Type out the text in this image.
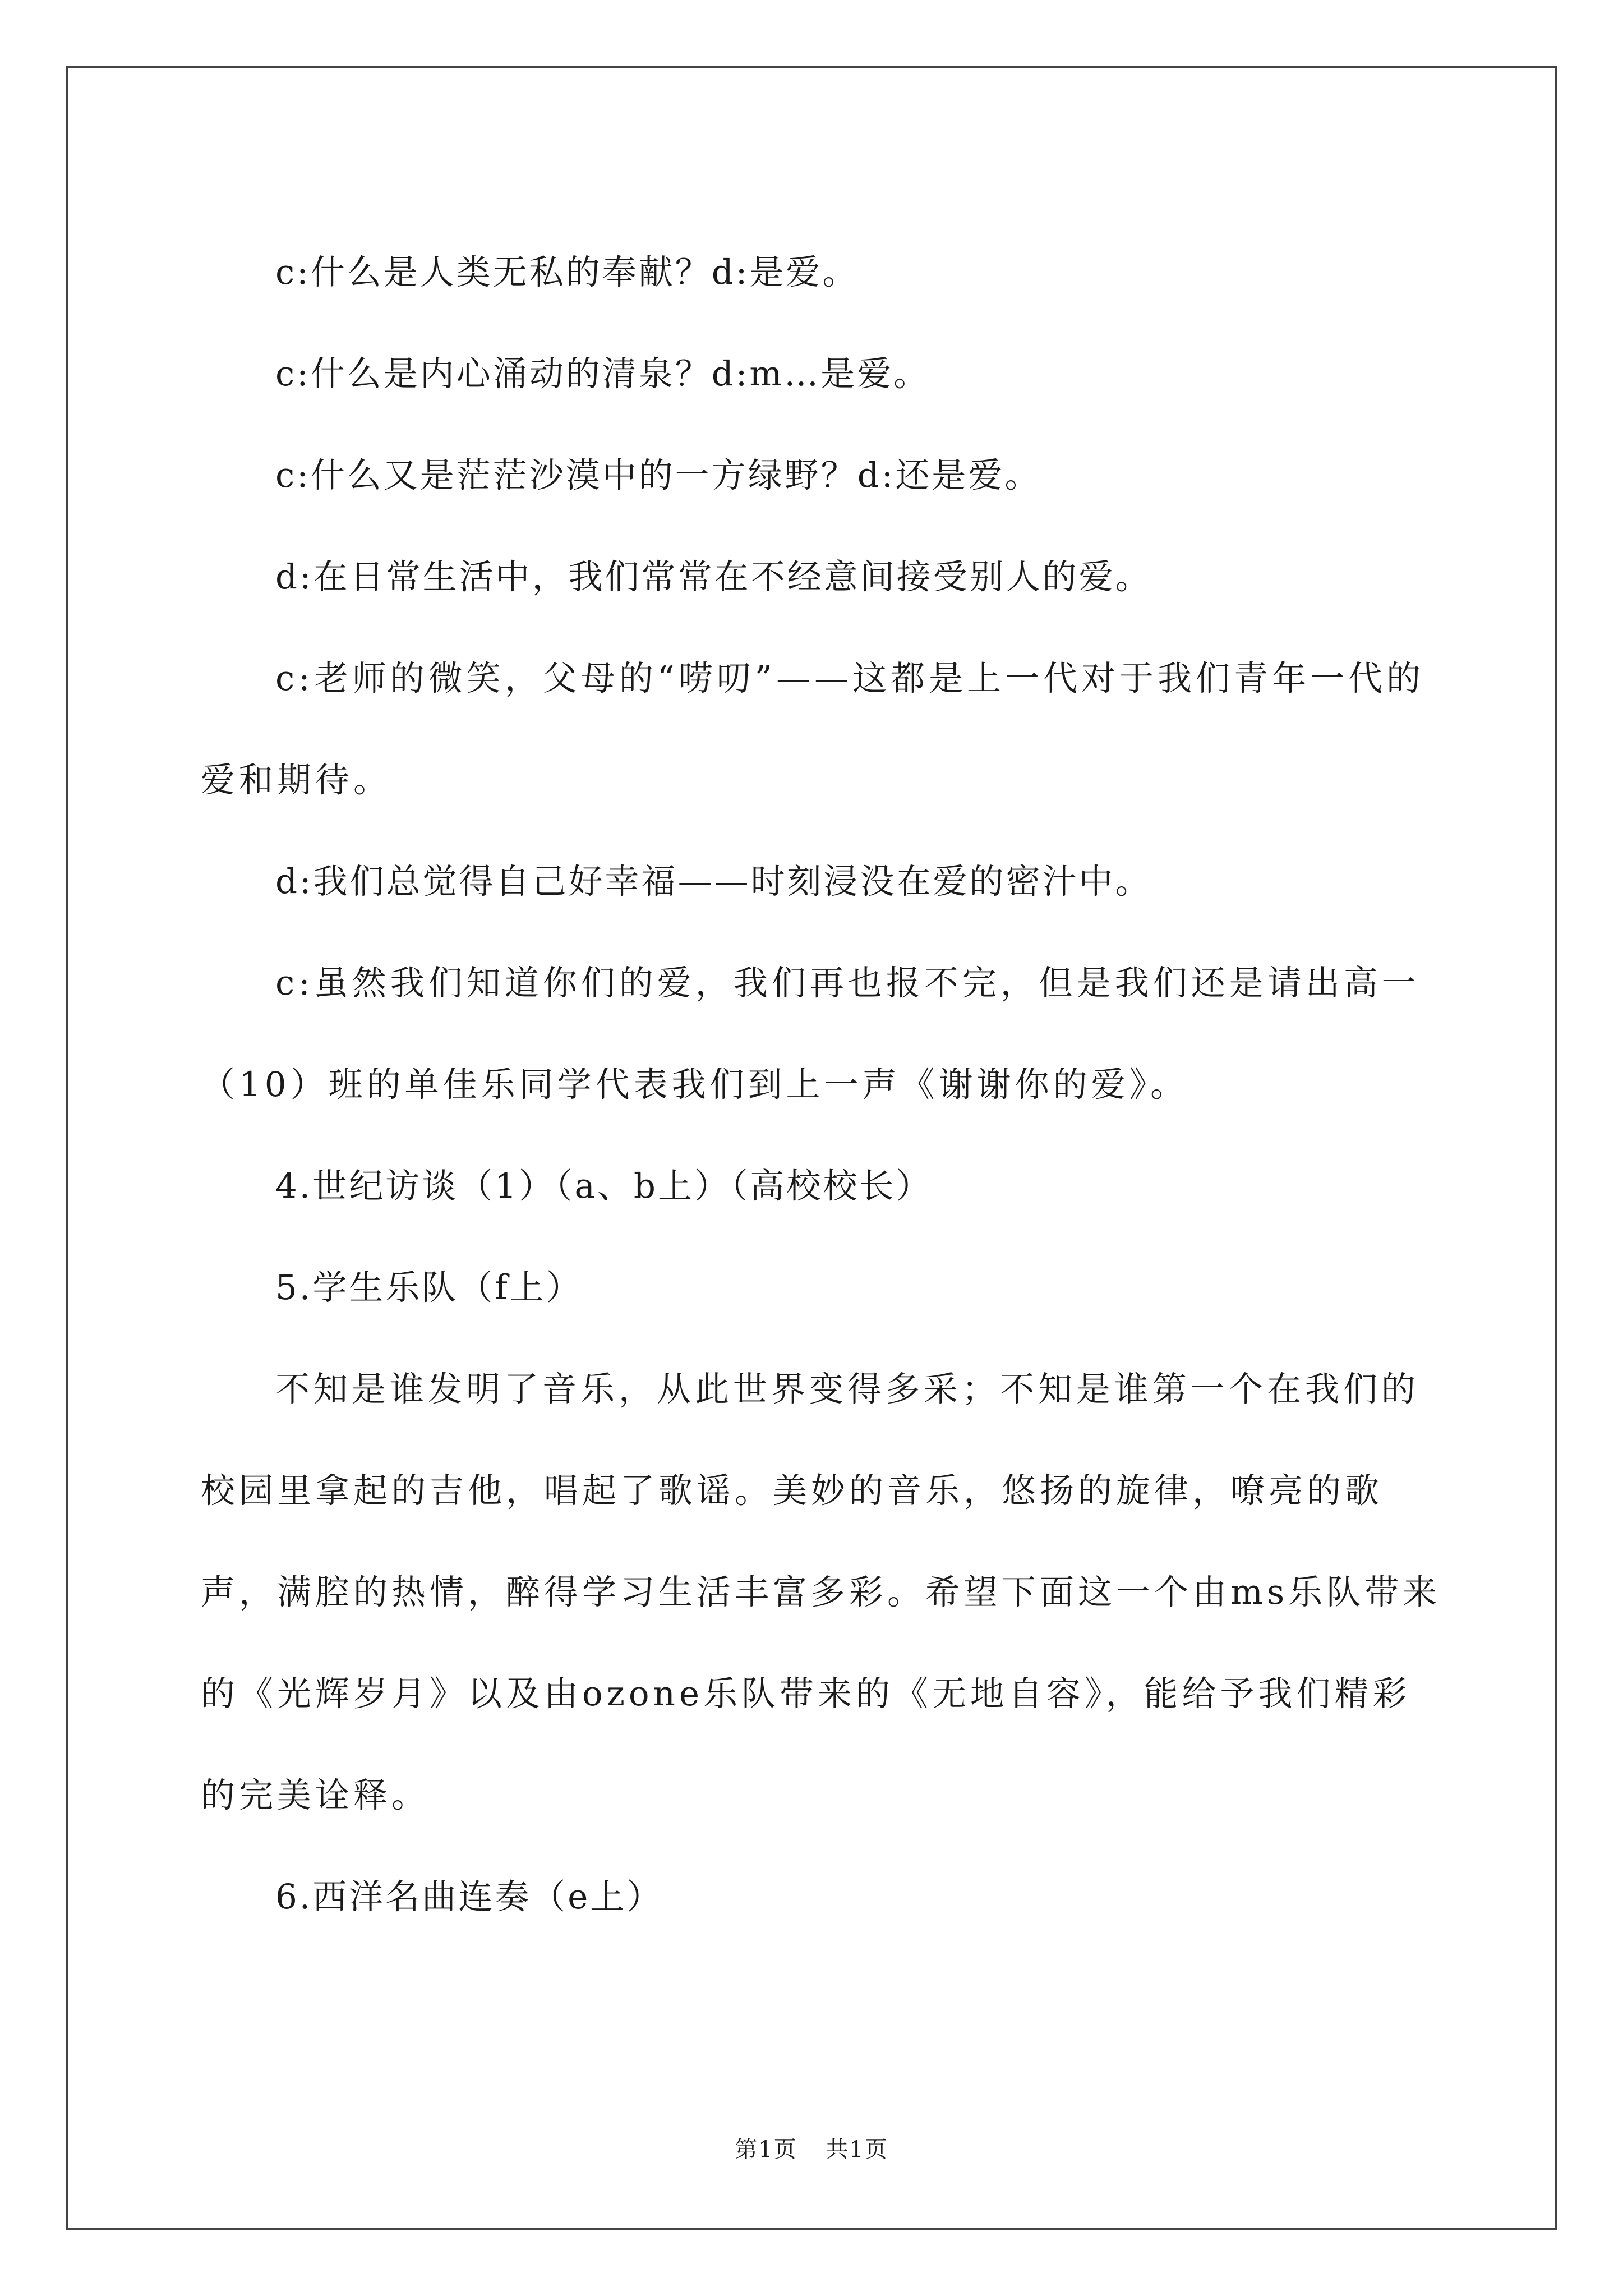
c:什么是人类无私的奉献？d:是爱。

c:什么是内心涌动的清泉？d:m…是爱。

c:什么又是茫茫沙漠中的一方绿野？d:还是爱。

d:在日常生活中，我们常常在不经意间接受别人的爱。

c:老师的微笑，父母的“唠叨”——这都是上一代对于我们青年一代的爱和期待。

d:我们总觉得自己好幸福——时刻浸没在爱的密汁中。

c:虽然我们知道你们的爱，我们再也报不完，但是我们还是请出高一（10）班的单佳乐同学代表我们到上一声《谢谢你的爱》。

4.世纪访谈（1）（a、b上）（高校校长）

5.学生乐队（f上）

不知是谁发明了音乐，从此世界变得多采；不知是谁第一个在我们的校园里拿起的吉他，唱起了歌谣。美妙的音乐，悠扬的旋律，嘹亮的歌声，满腔的热情，醉得学习生活丰富多彩。希望下面这一个由ms乐队带来的《光辉岁月》以及由ozone乐队带来的《无地自容》，能给予我们精彩的完美诠释。

6.西洋名曲连奏（e上）

第1页 共1页
